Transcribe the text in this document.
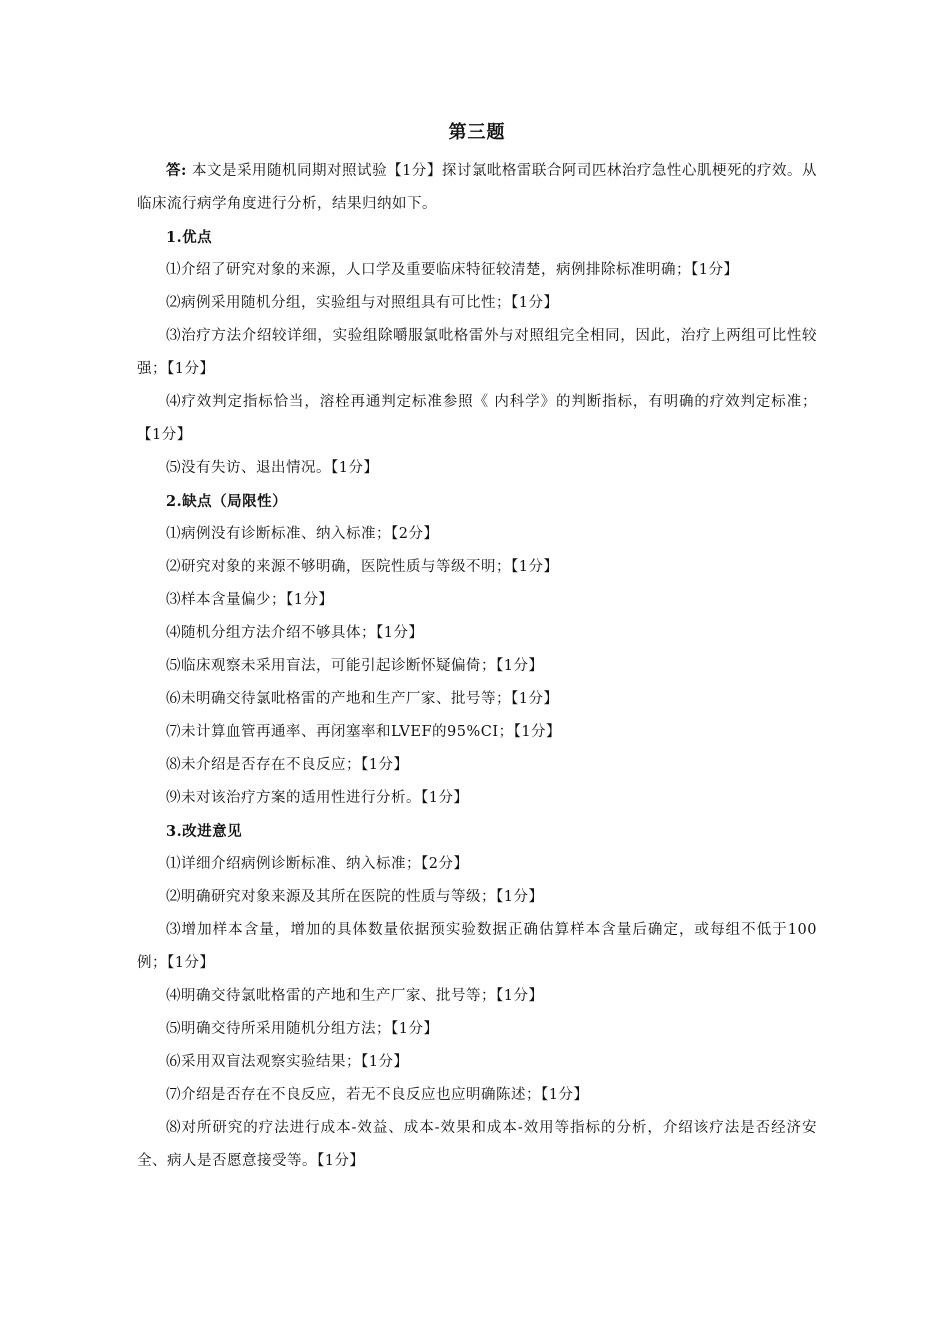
第三题

答: 本文是采用随机同期对照试验【1分】探讨氯吡格雷联合阿司匹林治疗急性心肌梗死的疗效。从临床流行病学角度进行分析，结果归纳如下。

1.优点

⑴介绍了研究对象的来源，人口学及重要临床特征较清楚，病例排除标准明确；【1分】

⑵病例采用随机分组，实验组与对照组具有可比性；【1分】

⑶治疗方法介绍较详细，实验组除嚼服氯吡格雷外与对照组完全相同，因此，治疗上两组可比性较强；【1分】

⑷疗效判定指标恰当，溶栓再通判定标准参照《 内科学》的判断指标，有明确的疗效判定标准；【1分】

⑸没有失访、退出情况。【1分】

2.缺点（局限性）

⑴病例没有诊断标准、纳入标准；【2分】

⑵研究对象的来源不够明确，医院性质与等级不明；【1分】

⑶样本含量偏少；【1分】

⑷随机分组方法介绍不够具体；【1分】

⑸临床观察未采用盲法，可能引起诊断怀疑偏倚；【1分】

⑹未明确交待氯吡格雷的产地和生产厂家、批号等；【1分】

⑺未计算血管再通率、再闭塞率和LVEF的95%CI；【1分】

⑻未介绍是否存在不良反应；【1分】

⑼未对该治疗方案的适用性进行分析。【1分】

3.改进意见

⑴详细介绍病例诊断标准、纳入标准；【2分】

⑵明确研究对象来源及其所在医院的性质与等级；【1分】

⑶增加样本含量，增加的具体数量依据预实验数据正确估算样本含量后确定，或每组不低于100例；【1分】

⑷明确交待氯吡格雷的产地和生产厂家、批号等；【1分】

⑸明确交待所采用随机分组方法；【1分】

⑹采用双盲法观察实验结果；【1分】

⑺介绍是否存在不良反应，若无不良反应也应明确陈述；【1分】

⑻对所研究的疗法进行成本-效益、成本-效果和成本-效用等指标的分析，介绍该疗法是否经济安全、病人是否愿意接受等。【1分】
